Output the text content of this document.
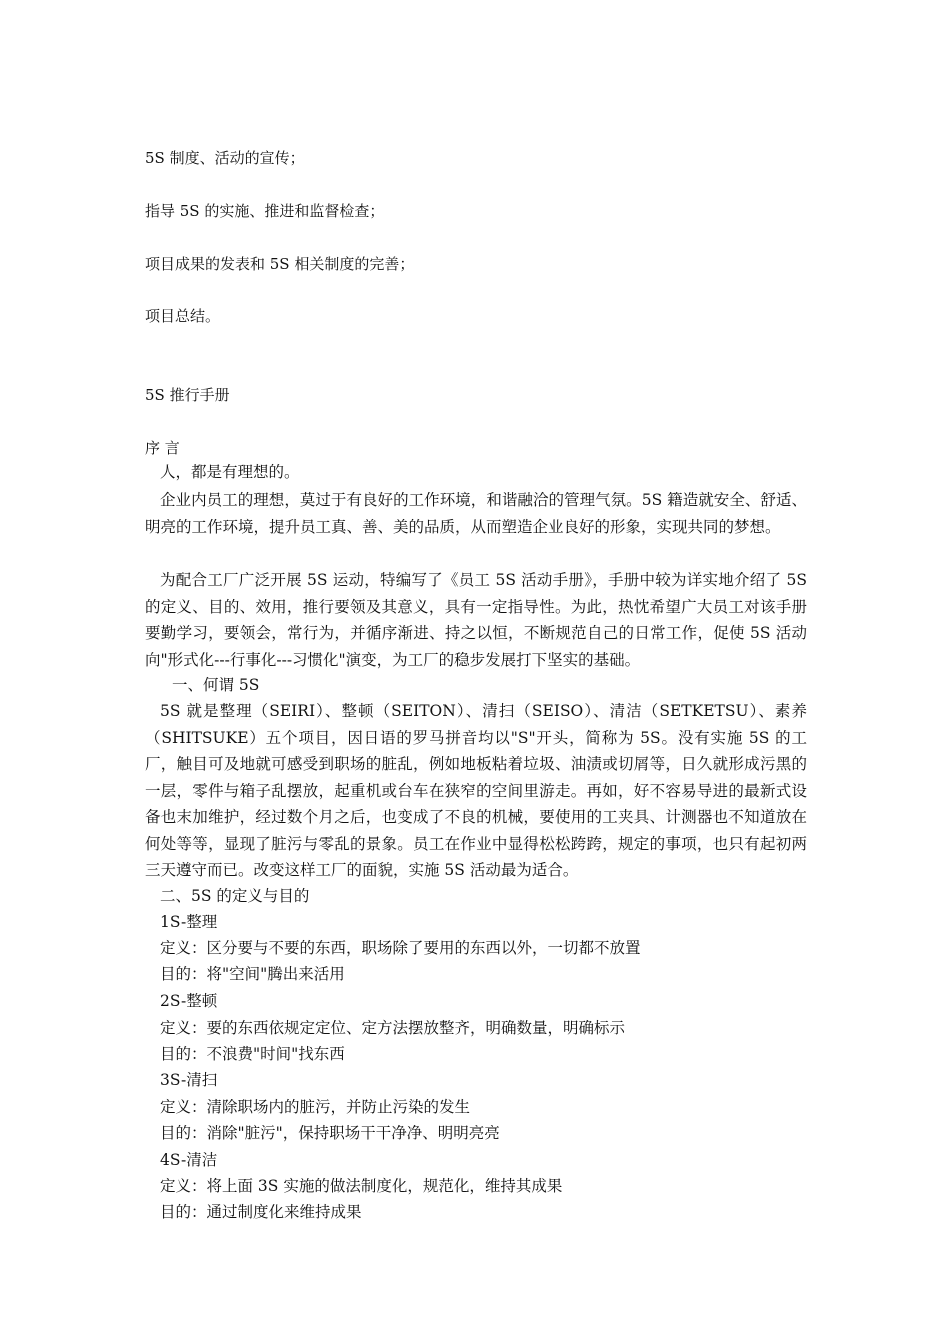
5S 制度、活动的宣传；
指导 5S 的实施、推进和监督检查；
项目成果的发表和 5S 相关制度的完善；
项目总结。
5S 推行手册
序 言
人，都是有理想的。
企业内员工的理想，莫过于有良好的工作环境，和谐融洽的管理气氛。5S 籍造就安全、舒适、明亮的工作环境，提升员工真、善、美的品质，从而塑造企业良好的形象，实现共同的梦想。
为配合工厂广泛开展 5S 运动，特编写了《员工 5S 活动手册》，手册中较为详实地介绍了 5S 的定义、目的、效用，推行要领及其意义，具有一定指导性。为此，热忱希望广大员工对该手册要勤学习，要领会，常行为，并循序渐进、持之以恒，不断规范自己的日常工作，促使 5S 活动向"形式化---行事化---习惯化"演变，为工厂的稳步发展打下坚实的基础。
一、何谓 5S
5S 就是整理（SEIRI）、整顿（SEITON）、清扫（SEISO）、清洁（SETKETSU）、素养（SHITSUKE）五个项目，因日语的罗马拼音均以"S"开头，简称为 5S。没有实施 5S 的工厂，触目可及地就可感受到职场的脏乱，例如地板粘着垃圾、油渍或切屑等，日久就形成污黑的一层，零件与箱子乱摆放，起重机或台车在狭窄的空间里游走。再如，好不容易导进的最新式设备也末加维护，经过数个月之后，也变成了不良的机械，要使用的工夹具、计测器也不知道放在何处等等，显现了脏污与零乱的景象。员工在作业中显得松松跨跨，规定的事项，也只有起初两三天遵守而已。改变这样工厂的面貌，实施 5S 活动最为适合。
二、5S 的定义与目的
1S-整理
定义：区分要与不要的东西，职场除了要用的东西以外，一切都不放置
目的：将"空间"腾出来活用
2S-整顿
定义：要的东西依规定定位、定方法摆放整齐，明确数量，明确标示
目的：不浪费"时间"找东西
3S-清扫
定义：清除职场内的脏污，并防止污染的发生
目的：消除"脏污"，保持职场干干净净、明明亮亮
4S-清洁
定义：将上面 3S 实施的做法制度化，规范化，维持其成果
目的：通过制度化来维持成果
